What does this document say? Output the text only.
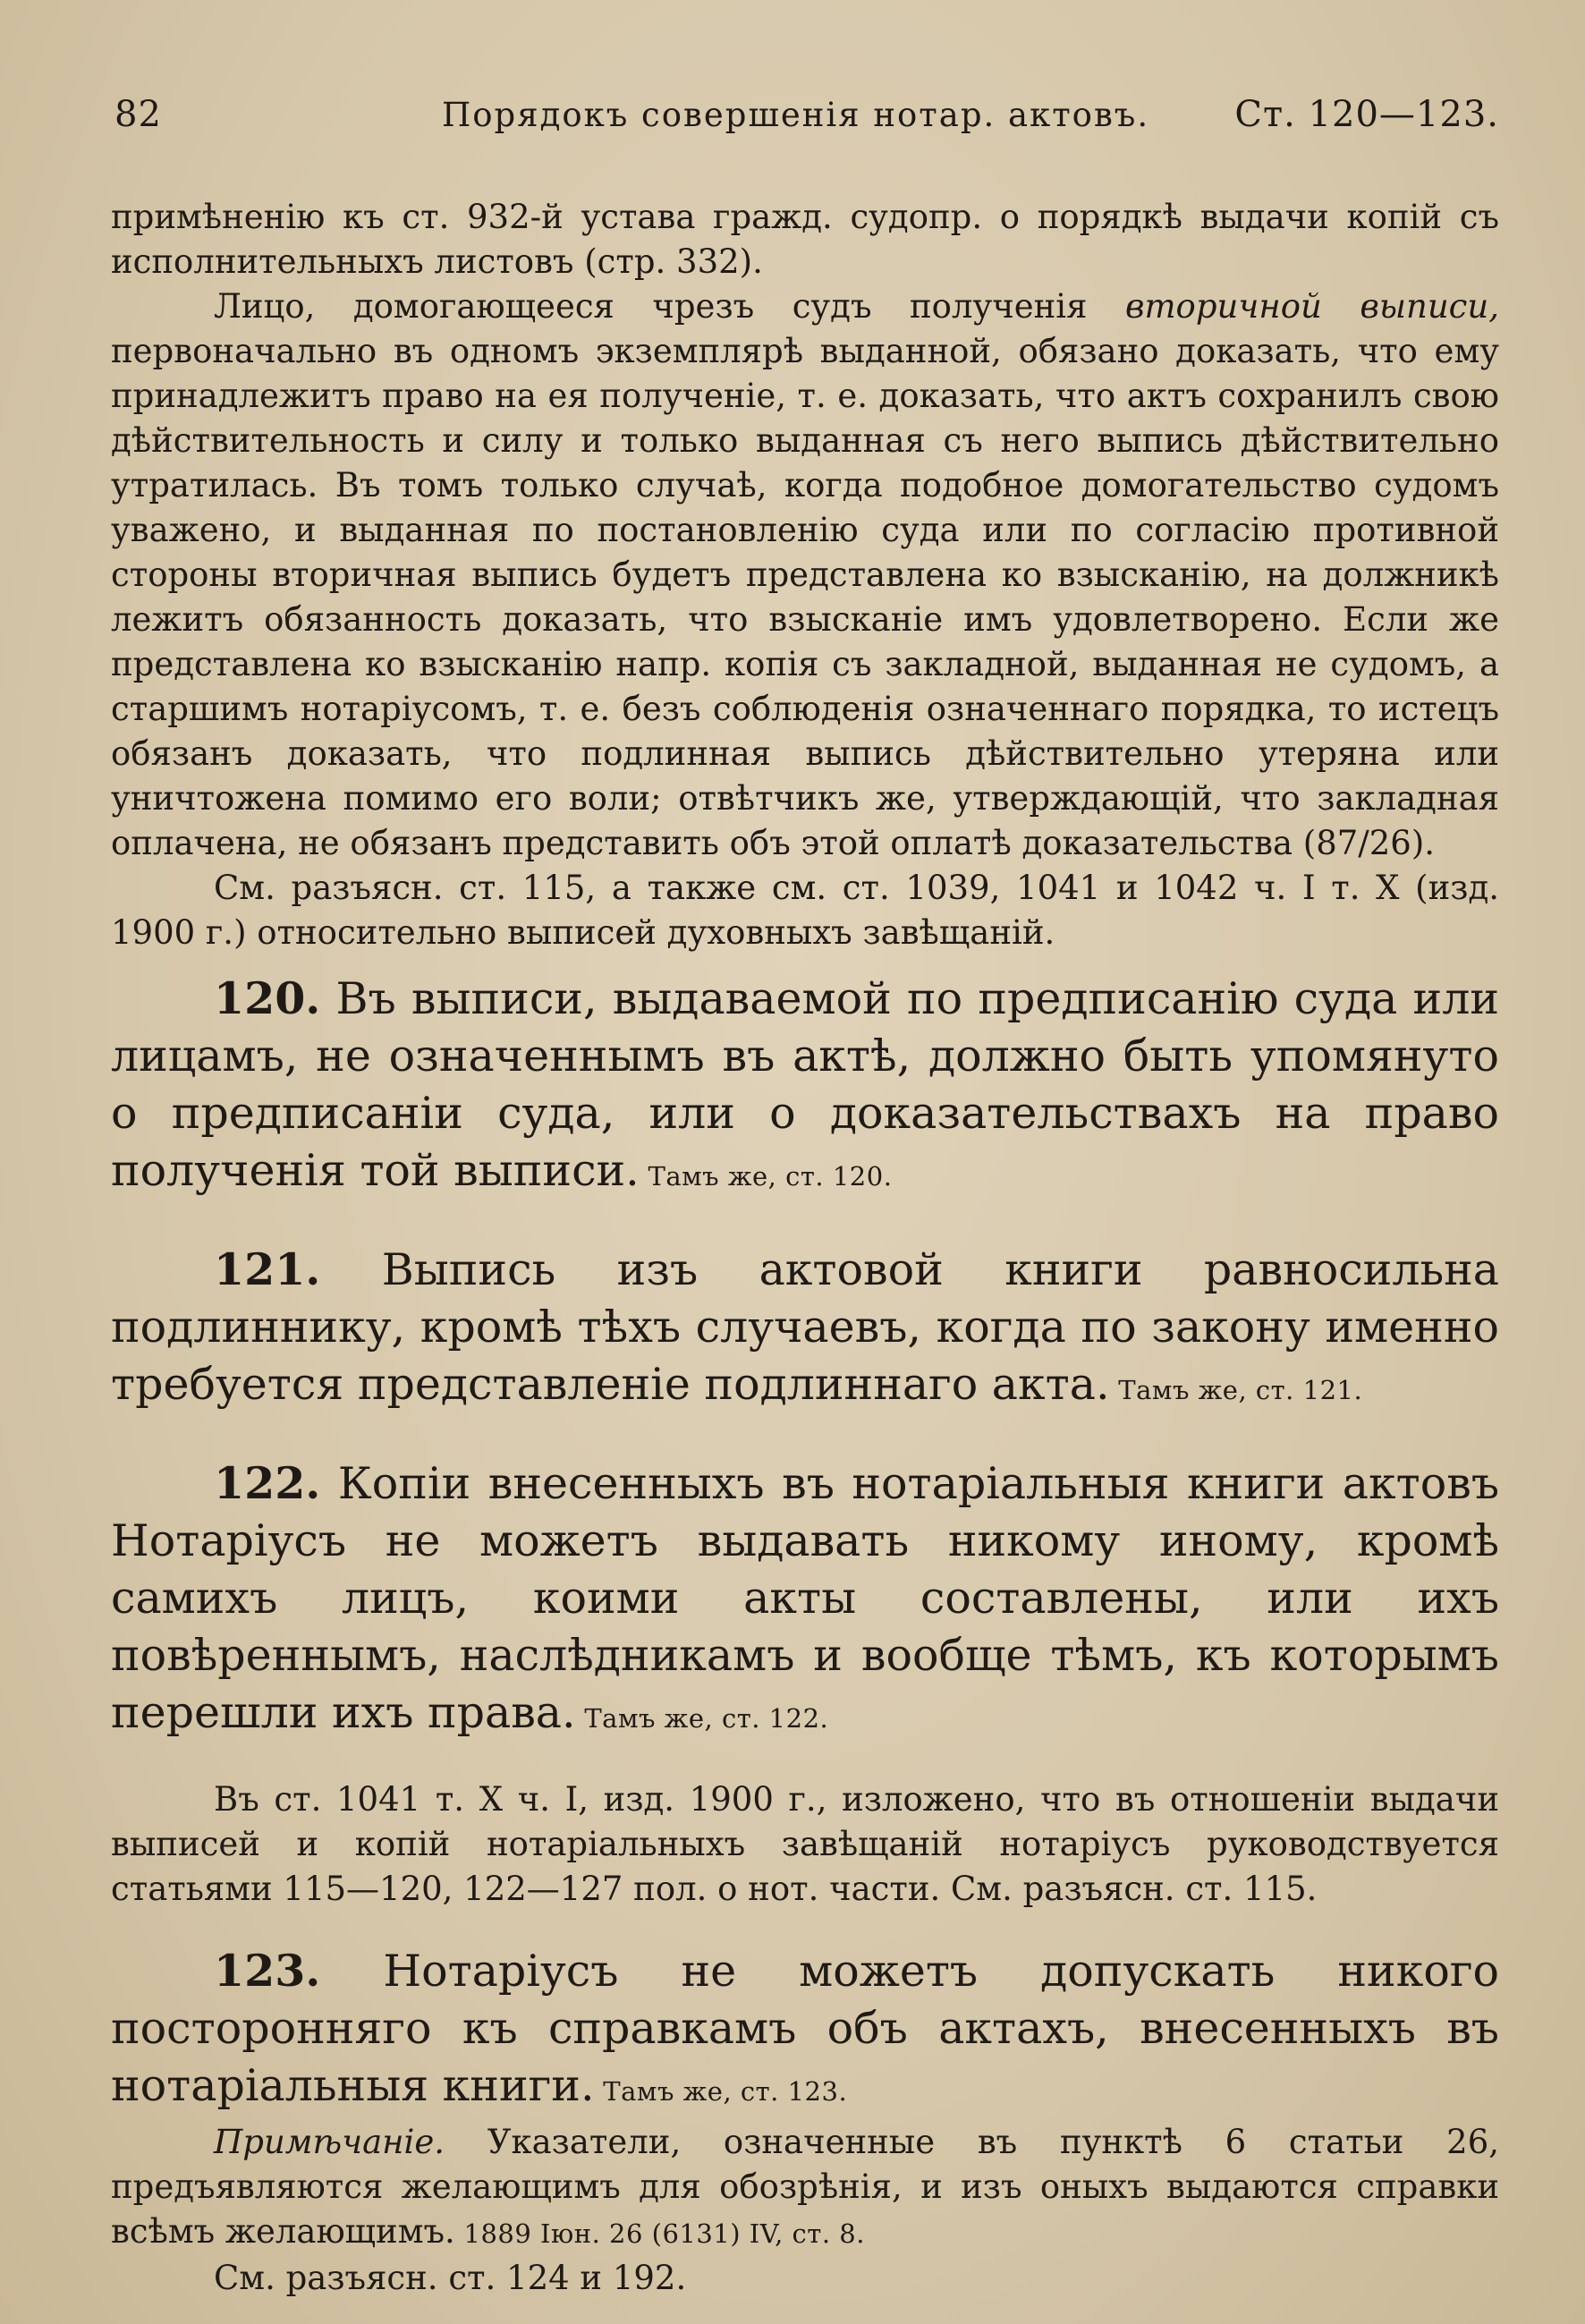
82	Порядокъ совершенія нотар. актовъ. Ст. 120—123.

примѣненію къ ст. 932-й устава гражд. судопр. о порядкѣ выдачи копій съ исполнительныхъ листовъ (стр. 332).

Лицо, домогающееся чрезъ судъ полученія вторичной выписи, первоначально въ одномъ экземплярѣ выданной, обязано доказать, что ему принадлежитъ право на ея полученіе, т. е. доказать, что актъ сохранилъ свою дѣйствительность и силу и только выданная съ него выпись дѣйствительно утратилась. Въ томъ только случаѣ, когда подобное домогательство судомъ уважено, и выданная по постановленію суда или по согласію противной стороны вторичная выпись будетъ представлена ко взысканію, на должникѣ лежитъ обязанность доказать, что взысканіе имъ удовлетворено. Если же представлена ко взысканію напр. копія съ закладной, выданная не судомъ, а старшимъ нотаріусомъ, т. е. безъ соблюденія означеннаго порядка, то истецъ обязанъ доказать, что подлинная выпись дѣйствительно утеряна или уничтожена помимо его воли; отвѣтчикъ же, утверждающій, что закладная оплачена, не обязанъ представить объ этой оплатѣ доказательства (87/26).

См. разъясн. ст. 115, а также см. ст. 1039, 1041 и 1042 ч. I т. X (изд. 1900 г.) относительно выписей духовныхъ завѣщаній.

120. Въ выписи, выдаваемой по предписанію суда или лицамъ, не означеннымъ въ актѣ, должно быть упомянуто о предписаніи суда, или о доказательствахъ на право полученія той выписи. Тамъ же, ст. 120.

121. Выпись изъ актовой книги равносильна подлиннику, кромѣ тѣхъ случаевъ, когда по закону именно требуется представленіе подлиннаго акта. Тамъ же, ст. 121.

122. Копіи внесенныхъ въ нотаріальныя книги актовъ Нотаріусъ не можетъ выдавать никому иному, кромѣ самихъ лицъ, коими акты составлены, или ихъ повѣреннымъ, наслѣдникамъ и вообще тѣмъ, къ которымъ перешли ихъ права. Тамъ же, ст. 122.

Въ ст. 1041 т. X ч. I, изд. 1900 г., изложено, что въ отношеніи выдачи выписей и копій нотаріальныхъ завѣщаній нотаріусъ руководствуется статьями 115—120, 122—127 пол. о нот. части. См. разъясн. ст. 115.

123. Нотаріусъ не можетъ допускать никого посторонняго къ справкамъ объ актахъ, внесенныхъ въ нотаріальныя книги. Тамъ же, ст. 123.

Примѣчаніе. Указатели, означенные въ пунктѣ 6 статьи 26, предъявляются желающимъ для обозрѣнія, и изъ оныхъ выдаются справки всѣмъ желающимъ. 1889 Іюн. 26 (6131) IV, ст. 8.

См. разъясн. ст. 124 и 192.
